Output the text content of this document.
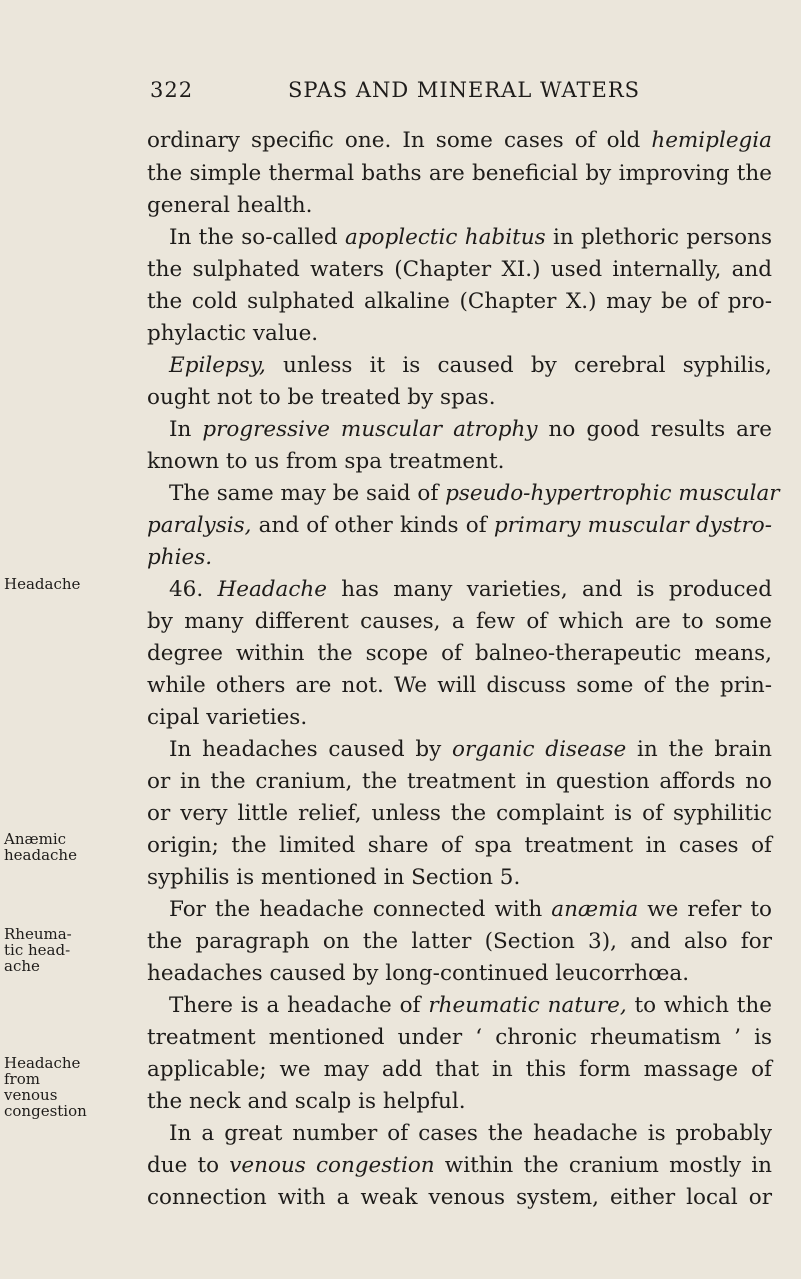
322	SPAS AND MINERAL WATERS
ordinary specific one. In some cases of old hemiplegia
the simple thermal baths are beneficial by improving the
general health.
In the so-called apoplectic habitus in plethoric persons
the sulphated waters (Chapter XI.) used internally, and
the cold sulphated alkaline (Chapter X.) may be of pro-
phylactic value.
Epilepsy, unless it is caused by cerebral syphilis,
ought not to be treated by spas.
In progressive muscular atrophy no good results are
known to us from spa treatment.
The same may be said of pseudo-hypertrophic muscular
paralysis, and of other kinds of primary muscular dystro-
phies.
46. Headache has many varieties, and is produced
by many different causes, a few of which are to some
degree within the scope of balneo-therapeutic means,
while others are not. We will discuss some of the prin-
cipal varieties.
In headaches caused by organic disease in the brain
or in the cranium, the treatment in question affords no
or very little relief, unless the complaint is of syphilitic
origin; the limited share of spa treatment in cases of
syphilis is mentioned in Section 5.
For the headache connected with anæmia we refer to
the paragraph on the latter (Section 3), and also for
headaches caused by long-continued leucorrhœa.
There is a headache of rheumatic nature, to which the
treatment mentioned under ‘ chronic rheumatism ’ is
applicable; we may add that in this form massage of
the neck and scalp is helpful.
In a great number of cases the headache is probably
due to venous congestion within the cranium mostly in
connection with a weak venous system, either local or
Headache
Anæmic
headache
Rheuma-
tic head-
ache
Headache
from
venous
congestion
